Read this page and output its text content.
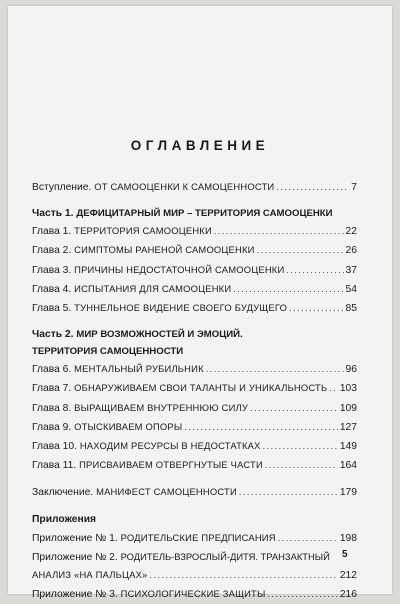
ОГЛАВЛЕНИЕ
Вступление. ОТ САМООЦЕНКИ К САМОЦЕННОСТИ .....	7
Часть 1. ДЕФИЦИТАРНЫЙ МИР – ТЕРРИТОРИЯ САМООЦЕНКИ
Глава 1. ТЕРРИТОРИЯ САМООЦЕНКИ .....	22
Глава 2. СИМПТОМЫ РАНЕНОЙ САМООЦЕНКИ .....	26
Глава 3. ПРИЧИНЫ НЕДОСТАТОЧНОЙ САМООЦЕНКИ .....	37
Глава 4. ИСПЫТАНИЯ ДЛЯ САМООЦЕНКИ .....	54
Глава 5. ТУННЕЛЬНОЕ ВИДЕНИЕ СВОЕГО БУДУЩЕГО .....	85
Часть 2. МИР ВОЗМОЖНОСТЕЙ И ЭМОЦИЙ.
ТЕРРИТОРИЯ САМОЦЕННОСТИ
Глава 6. МЕНТАЛЬНЫЙ РУБИЛЬНИК .....	96
Глава 7. ОБНАРУЖИВАЕМ СВОИ ТАЛАНТЫ И УНИКАЛЬНОСТЬ ..... 103
Глава 8. ВЫРАЩИВАЕМ ВНУТРЕННЮЮ СИЛУ .....	109
Глава 9. ОТЫСКИВАЕМ ОПОРЫ .....	127
Глава 10. НАХОДИМ РЕСУРСЫ В НЕДОСТАТКАХ .....	149
Глава 11. ПРИСВАИВАЕМ ОТВЕРГНУТЫЕ ЧАСТИ .....	164
Заключение. МАНИФЕСТ САМОЦЕННОСТИ .....	179
Приложения
Приложение № 1. РОДИТЕЛЬСКИЕ ПРЕДПИСАНИЯ .....	198
Приложение № 2. РОДИТЕЛЬ-ВЗРОСЛЫЙ-ДИТЯ. ТРАНЗАКТНЫЙ
АНАЛИЗ «НА ПАЛЬЦАХ» .....	212
Приложение № 3. ПСИХОЛОГИЧЕСКИЕ ЗАЩИТЫ .....	216
5
